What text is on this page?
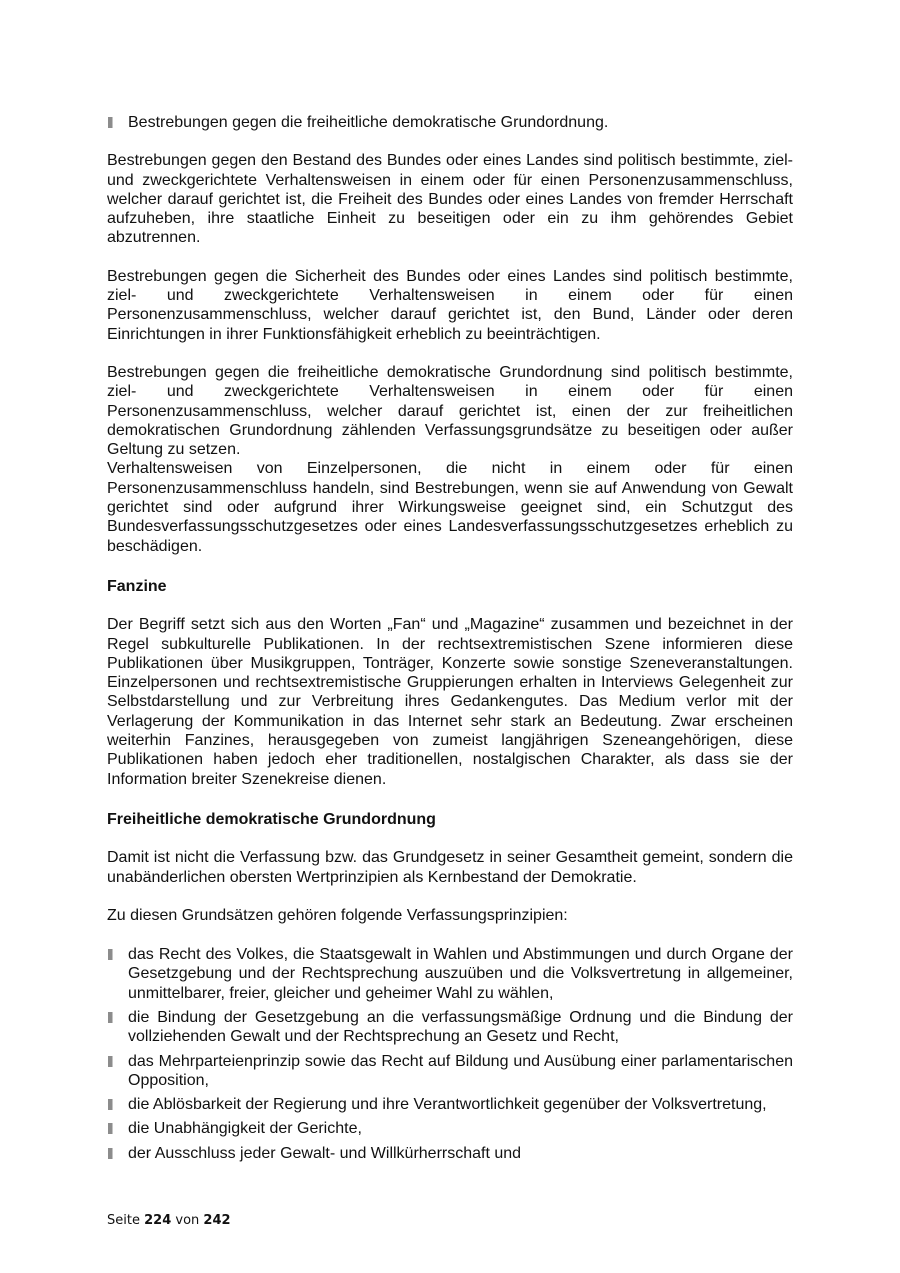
Bestrebungen gegen die freiheitliche demokratische Grundordnung.

Bestrebungen gegen den Bestand des Bundes oder eines Landes sind politisch bestimmte, ziel- und zweckgerichtete Verhaltensweisen in einem oder für einen Personenzusammenschluss, welcher darauf gerichtet ist, die Freiheit des Bundes oder eines Landes von fremder Herrschaft aufzuheben, ihre staatliche Einheit zu beseitigen oder ein zu ihm gehörendes Gebiet abzutrennen.

Bestrebungen gegen die Sicherheit des Bundes oder eines Landes sind politisch bestimmte, ziel- und zweckgerichtete Verhaltensweisen in einem oder für einen Personenzusammenschluss, welcher darauf gerichtet ist, den Bund, Länder oder deren Einrichtungen in ihrer Funktionsfähigkeit erheblich zu beeinträchtigen.

Bestrebungen gegen die freiheitliche demokratische Grundordnung sind politisch bestimmte, ziel- und zweckgerichtete Verhaltensweisen in einem oder für einen Personenzusammenschluss, welcher darauf gerichtet ist, einen der zur freiheitlichen demokratischen Grundordnung zählenden Verfassungsgrundsätze zu beseitigen oder außer Geltung zu setzen.

Verhaltensweisen von Einzelpersonen, die nicht in einem oder für einen Personenzusammenschluss handeln, sind Bestrebungen, wenn sie auf Anwendung von Gewalt gerichtet sind oder aufgrund ihrer Wirkungsweise geeignet sind, ein Schutzgut des Bundesverfassungsschutzgesetzes oder eines Landesverfassungsschutzgesetzes erheblich zu beschädigen.

Fanzine

Der Begriff setzt sich aus den Worten „Fan“ und „Magazine“ zusammen und bezeichnet in der Regel subkulturelle Publikationen. In der rechtsextremistischen Szene informieren diese Publikationen über Musikgruppen, Tonträger, Konzerte sowie sonstige Szeneveranstaltungen. Einzelpersonen und rechtsextremistische Gruppierungen erhalten in Interviews Gelegenheit zur Selbstdarstellung und zur Verbreitung ihres Gedankengutes. Das Medium verlor mit der Verlagerung der Kommunikation in das Internet sehr stark an Bedeutung. Zwar erscheinen weiterhin Fanzines, herausgegeben von zumeist langjährigen Szeneangehörigen, diese Publikationen haben jedoch eher traditionellen, nostalgischen Charakter, als dass sie der Information breiter Szenekreise dienen.

Freiheitliche demokratische Grundordnung

Damit ist nicht die Verfassung bzw. das Grundgesetz in seiner Gesamtheit gemeint, sondern die unabänderlichen obersten Wertprinzipien als Kernbestand der Demokratie.

Zu diesen Grundsätzen gehören folgende Verfassungsprinzipien:

das Recht des Volkes, die Staatsgewalt in Wahlen und Abstimmungen und durch Organe der Gesetzgebung und der Rechtsprechung auszuüben und die Volksvertretung in allgemeiner, unmittelbarer, freier, gleicher und geheimer Wahl zu wählen,
die Bindung der Gesetzgebung an die verfassungsmäßige Ordnung und die Bindung der vollziehenden Gewalt und der Rechtsprechung an Gesetz und Recht,
das Mehrparteienprinzip sowie das Recht auf Bildung und Ausübung einer parlamentarischen Opposition,
die Ablösbarkeit der Regierung und ihre Verantwortlichkeit gegenüber der Volksvertretung,
die Unabhängigkeit der Gerichte,
der Ausschluss jeder Gewalt- und Willkürherrschaft und
Seite 224 von 242
